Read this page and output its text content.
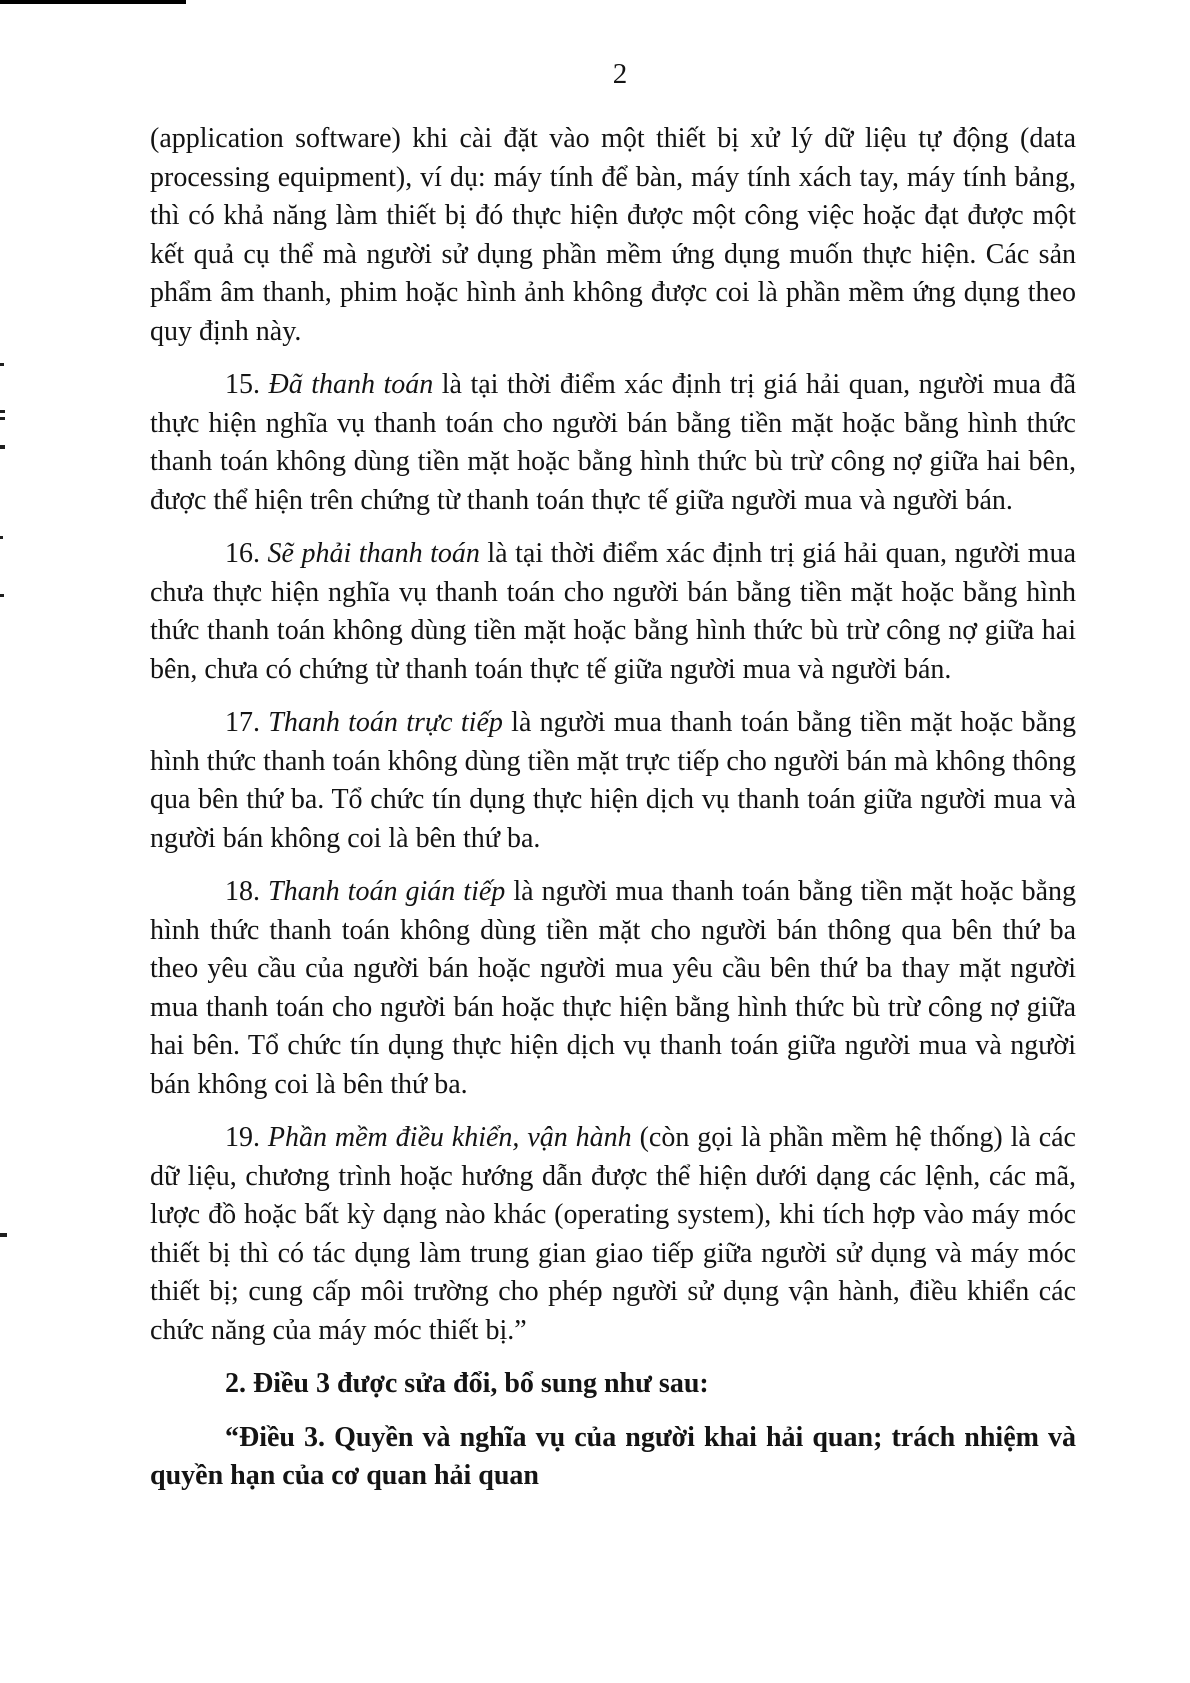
2

(application software) khi cài đặt vào một thiết bị xử lý dữ liệu tự động (data processing equipment), ví dụ: máy tính để bàn, máy tính xách tay, máy tính bảng, thì có khả năng làm thiết bị đó thực hiện được một công việc hoặc đạt được một kết quả cụ thể mà người sử dụng phần mềm ứng dụng muốn thực hiện. Các sản phẩm âm thanh, phim hoặc hình ảnh không được coi là phần mềm ứng dụng theo quy định này.

15. Đã thanh toán là tại thời điểm xác định trị giá hải quan, người mua đã thực hiện nghĩa vụ thanh toán cho người bán bằng tiền mặt hoặc bằng hình thức thanh toán không dùng tiền mặt hoặc bằng hình thức bù trừ công nợ giữa hai bên, được thể hiện trên chứng từ thanh toán thực tế giữa người mua và người bán.

16. Sẽ phải thanh toán là tại thời điểm xác định trị giá hải quan, người mua chưa thực hiện nghĩa vụ thanh toán cho người bán bằng tiền mặt hoặc bằng hình thức thanh toán không dùng tiền mặt hoặc bằng hình thức bù trừ công nợ giữa hai bên, chưa có chứng từ thanh toán thực tế giữa người mua và người bán.

17. Thanh toán trực tiếp là người mua thanh toán bằng tiền mặt hoặc bằng hình thức thanh toán không dùng tiền mặt trực tiếp cho người bán mà không thông qua bên thứ ba. Tổ chức tín dụng thực hiện dịch vụ thanh toán giữa người mua và người bán không coi là bên thứ ba.

18. Thanh toán gián tiếp là người mua thanh toán bằng tiền mặt hoặc bằng hình thức thanh toán không dùng tiền mặt cho người bán thông qua bên thứ ba theo yêu cầu của người bán hoặc người mua yêu cầu bên thứ ba thay mặt người mua thanh toán cho người bán hoặc thực hiện bằng hình thức bù trừ công nợ giữa hai bên. Tổ chức tín dụng thực hiện dịch vụ thanh toán giữa người mua và người bán không coi là bên thứ ba.

19. Phần mềm điều khiển, vận hành (còn gọi là phần mềm hệ thống) là các dữ liệu, chương trình hoặc hướng dẫn được thể hiện dưới dạng các lệnh, các mã, lược đồ hoặc bất kỳ dạng nào khác (operating system), khi tích hợp vào máy móc thiết bị thì có tác dụng làm trung gian giao tiếp giữa người sử dụng và máy móc thiết bị; cung cấp môi trường cho phép người sử dụng vận hành, điều khiển các chức năng của máy móc thiết bị.”

2. Điều 3 được sửa đổi, bổ sung như sau:

“Điều 3. Quyền và nghĩa vụ của người khai hải quan; trách nhiệm và quyền hạn của cơ quan hải quan
